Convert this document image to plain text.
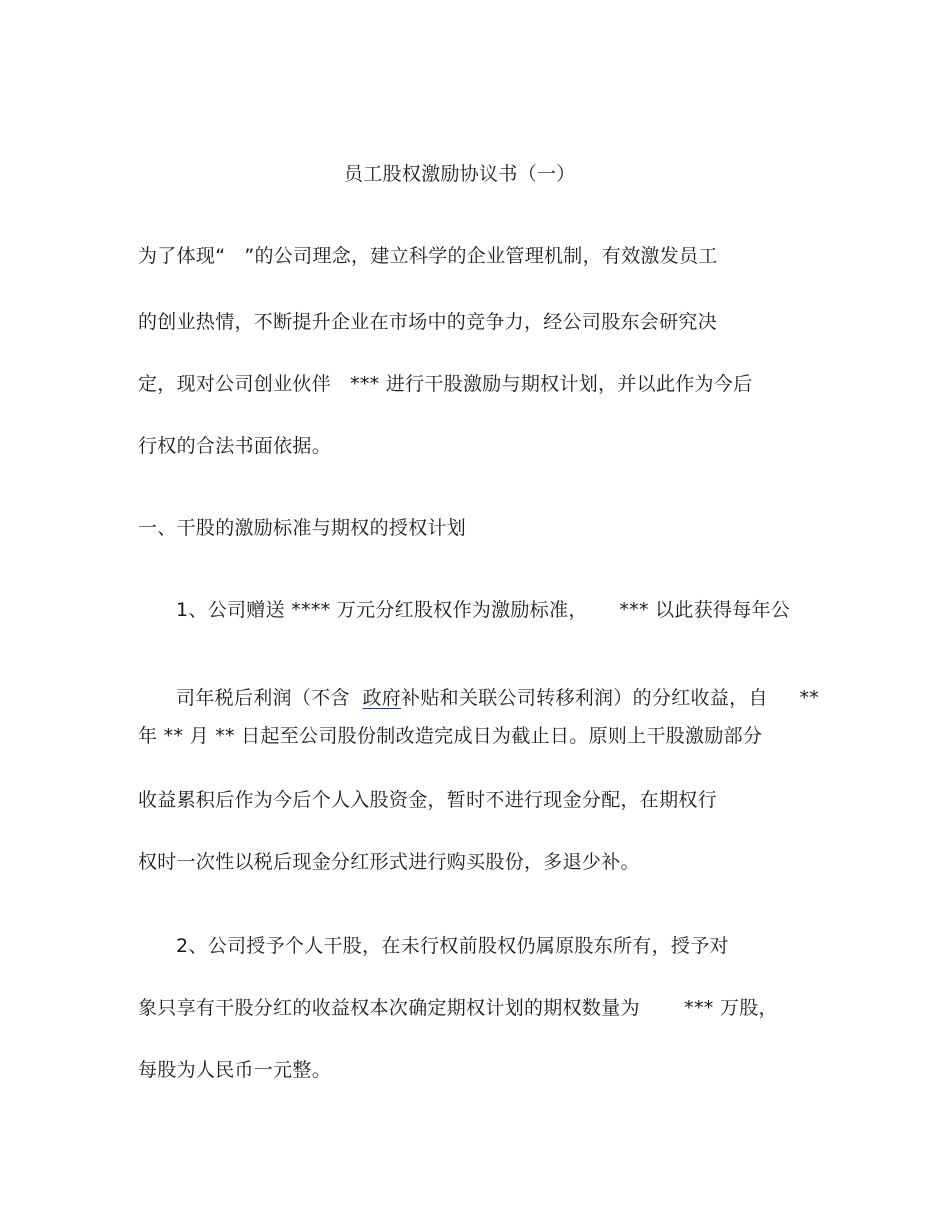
员工股权激励协议书（一）
为了体现“   ”的公司理念，建立科学的企业管理机制，有效激发员工
的创业热情，不断提升企业在市场中的竞争力，经公司股东会研究决
定，现对公司创业伙伴   *** 进行干股激励与期权计划，并以此作为今后
行权的合法书面依据。
一、干股的激励标准与期权的授权计划
1、公司赠送 **** 万元分红股权作为激励标准，     *** 以此获得每年公

司年税后利润（不含  政府补贴和关联公司转移利润）的分红收益，自     **

年 ** 月 ** 日起至公司股份制改造完成日为截止日。原则上干股激励部分
收益累积后作为今后个人入股资金，暂时不进行现金分配，在期权行
权时一次性以税后现金分红形式进行购买股份，多退少补。
2、公司授予个人干股，在未行权前股权仍属原股东所有，授予对
象只享有干股分红的收益权本次确定期权计划的期权数量为       *** 万股，
每股为人民币一元整。
